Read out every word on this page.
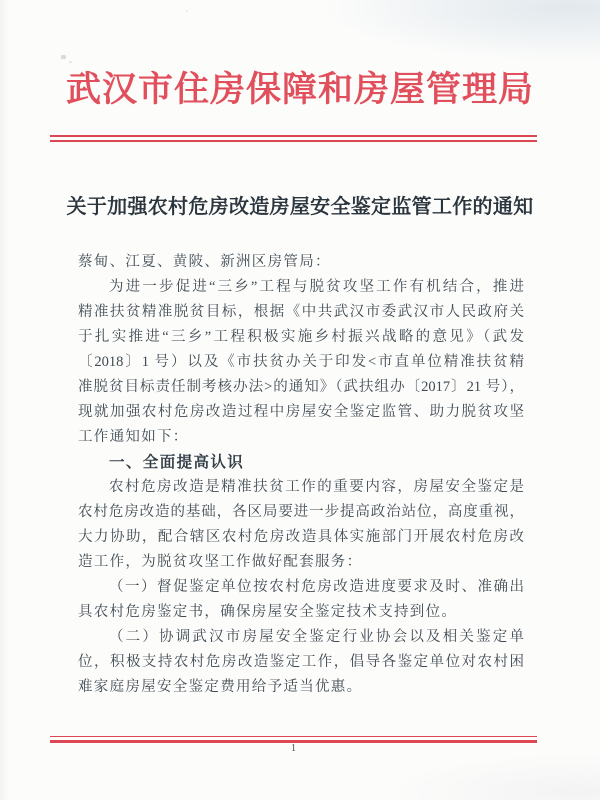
武汉市住房保障和房屋管理局
关于加强农村危房改造房屋安全鉴定监管工作的通知
蔡甸、江夏、黄陂、新洲区房管局：
为进一步促进“三乡”工程与脱贫攻坚工作有机结合，推进
精准扶贫精准脱贫目标，根据《中共武汉市委武汉市人民政府关
于扎实推进“三乡”工程积极实施乡村振兴战略的意见》（武发
〔2018〕1 号）以及《市扶贫办关于印发<市直单位精准扶贫精
准脱贫目标责任制考核办法>的通知》（武扶组办〔2017〕21 号），
现就加强农村危房改造过程中房屋安全鉴定监管、助力脱贫攻坚
工作通知如下：
一、全面提高认识
农村危房改造是精准扶贫工作的重要内容，房屋安全鉴定是
农村危房改造的基础，各区局要进一步提高政治站位，高度重视，
大力协助，配合辖区农村危房改造具体实施部门开展农村危房改
造工作，为脱贫攻坚工作做好配套服务：
（一）督促鉴定单位按农村危房改造进度要求及时、准确出
具农村危房鉴定书，确保房屋安全鉴定技术支持到位。
（二）协调武汉市房屋安全鉴定行业协会以及相关鉴定单
位，积极支持农村危房改造鉴定工作，倡导各鉴定单位对农村困
难家庭房屋安全鉴定费用给予适当优惠。
1
